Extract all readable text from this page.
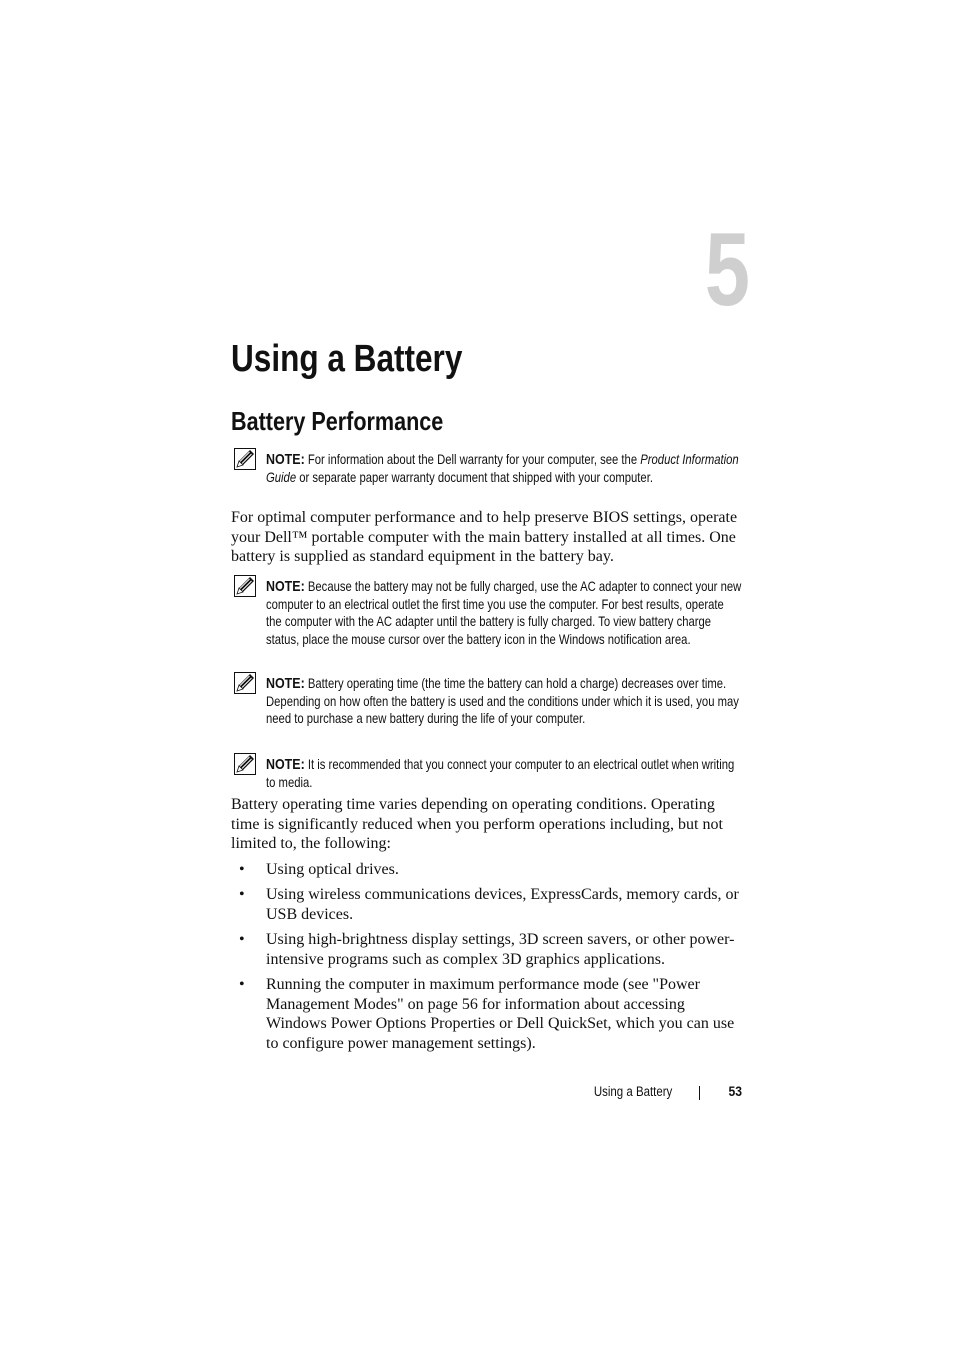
5
Using a Battery
Battery Performance
NOTE: For information about the Dell warranty for your computer, see the Product Information Guide or separate paper warranty document that shipped with your computer.
For optimal computer performance and to help preserve BIOS settings, operate your Dell™ portable computer with the main battery installed at all times. One battery is supplied as standard equipment in the battery bay.
NOTE: Because the battery may not be fully charged, use the AC adapter to connect your new computer to an electrical outlet the first time you use the computer. For best results, operate the computer with the AC adapter until the battery is fully charged. To view battery charge status, place the mouse cursor over the battery icon in the Windows notification area.
NOTE: Battery operating time (the time the battery can hold a charge) decreases over time. Depending on how often the battery is used and the conditions under which it is used, you may need to purchase a new battery during the life of your computer.
NOTE: It is recommended that you connect your computer to an electrical outlet when writing to media.
Battery operating time varies depending on operating conditions. Operating time is significantly reduced when you perform operations including, but not limited to, the following:
• Using optical drives.
• Using wireless communications devices, ExpressCards, memory cards, or USB devices.
• Using high-brightness display settings, 3D screen savers, or other power-intensive programs such as complex 3D graphics applications.
• Running the computer in maximum performance mode (see "Power Management Modes" on page 56 for information about accessing Windows Power Options Properties or Dell QuickSet, which you can use to configure power management settings).
Using a Battery	53
